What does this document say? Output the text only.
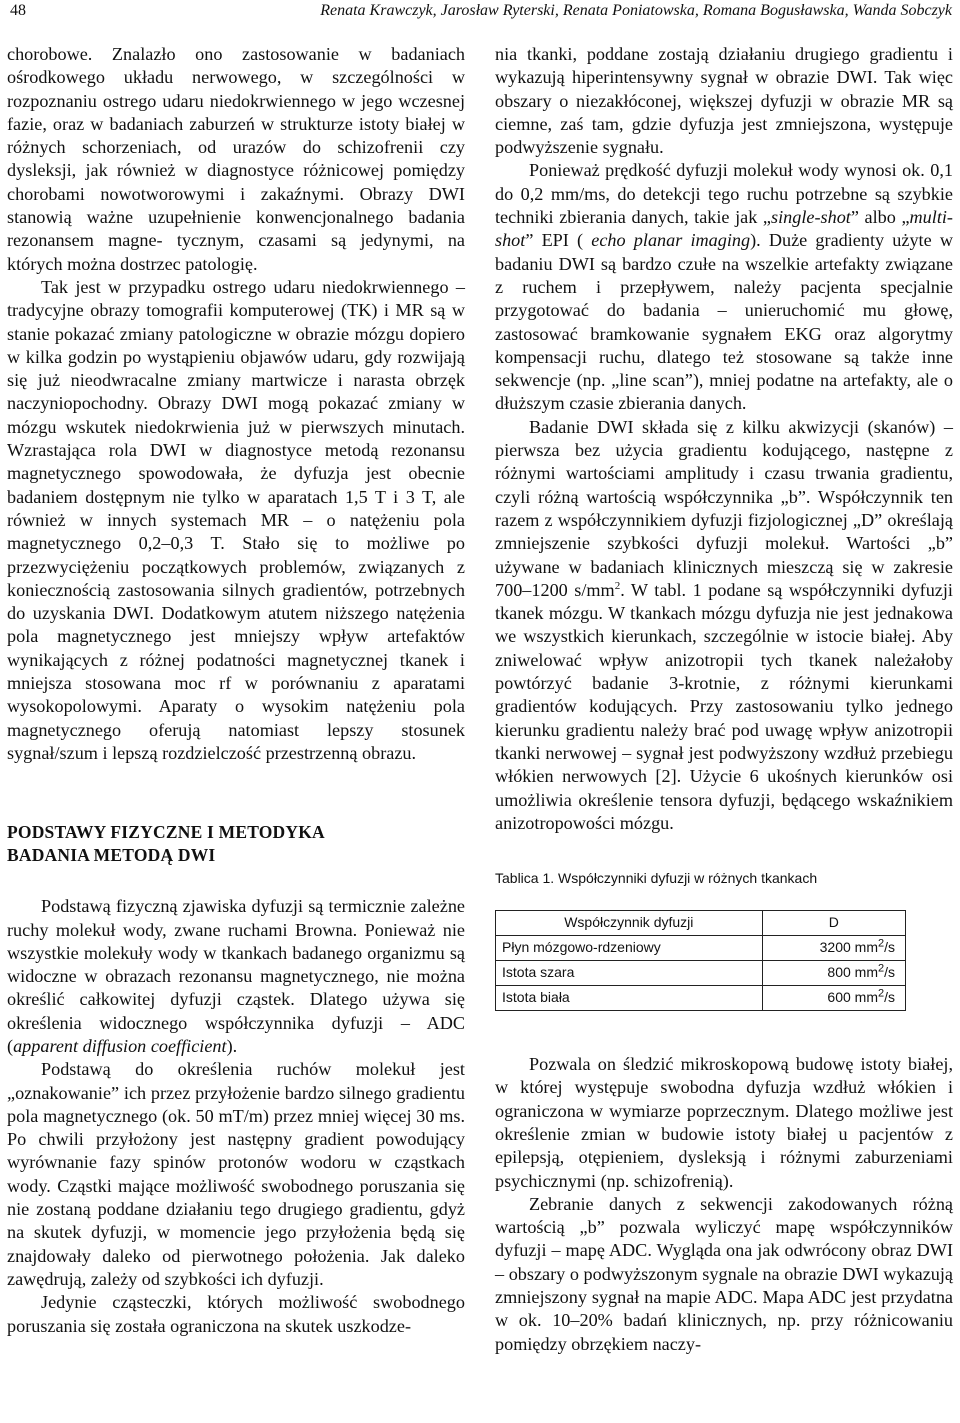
48	Renata Krawczyk, Jarosław Ryterski, Renata Poniatowska, Romana Bogusławska, Wanda Sobczyk

chorobowe. Znalazło ono zastosowanie w badaniach ośrodkowego układu nerwowego, w szczególności w rozpoznaniu ostrego udaru niedokrwiennego w jego wczesnej fazie, oraz w badaniach zaburzeń w strukturze istoty białej w różnych schorzeniach, od urazów do schizofrenii czy dysleksji, jak również w diagnostyce różnicowej pomiędzy chorobami nowotworowymi i zakaźnymi. Obrazy DWI stanowią ważne uzupełnienie konwencjonalnego badania rezonansem magne- tycznym, czasami są jedynymi, na których można dostrzec patologię.

Tak jest w przypadku ostrego udaru niedokrwiennego – tradycyjne obrazy tomografii komputerowej (TK) i MR są w stanie pokazać zmiany patologiczne w obrazie mózgu dopiero w kilka godzin po wystąpieniu objawów udaru, gdy rozwijają się już nieodwracalne zmiany martwicze i narasta obrzęk naczyniopochodny. Obrazy DWI mogą pokazać zmiany w mózgu wskutek niedokrwienia już w pierwszych minutach. Wzrastająca rola DWI w diagnostyce metodą rezonansu magnetycznego spowodowała, że dyfuzja jest obecnie badaniem dostępnym nie tylko w aparatach 1,5 T i 3 T, ale również w innych systemach MR – o natężeniu pola magnetycznego 0,2–0,3 T. Stało się to możliwe po przezwyciężeniu początkowych problemów, związanych z koniecznością zastosowania silnych gradientów, potrzebnych do uzyskania DWI. Dodatkowym atutem niższego natężenia pola magnetycznego jest mniejszy wpływ artefaktów wynikających z różnej podatności magnetycznej tkanek i mniejsza stosowana moc rf w porównaniu z aparatami wysokopolowymi. Aparaty o wysokim natężeniu pola magnetycznego oferują natomiast lepszy stosunek sygnał/szum i lepszą rozdzielczość przestrzenną obrazu.

PODSTAWY FIZYCZNE I METODYKA
BADANIA METODĄ DWI

Podstawą fizyczną zjawiska dyfuzji są termicznie zależne ruchy molekuł wody, zwane ruchami Browna. Ponieważ nie wszystkie molekuły wody w tkankach badanego organizmu są widoczne w obrazach rezonansu magnetycznego, nie można określić całkowitej dyfuzji cząstek. Dlatego używa się określenia widocznego współczynnika dyfuzji – ADC (apparent diffusion coefficient).

Podstawą do określenia ruchów molekuł jest „oznakowanie” ich przez przyłożenie bardzo silnego gradientu pola magnetycznego (ok. 50 mT/m) przez mniej więcej 30 ms. Po chwili przyłożony jest następny gradient powodujący wyrównanie fazy spinów protonów wodoru w cząstkach wody. Cząstki mające możliwość swobodnego poruszania się nie zostaną poddane działaniu tego drugiego gradientu, gdyż na skutek dyfuzji, w momencie jego przyłożenia będą się znajdowały daleko od pierwotnego położenia. Jak daleko zawędrują, zależy od szybkości ich dyfuzji.

Jedynie cząsteczki, których możliwość swobodnego poruszania się została ograniczona na skutek uszkodze-

nia tkanki, poddane zostają działaniu drugiego gradientu i wykazują hiperintensywny sygnał w obrazie DWI. Tak więc obszary o niezakłóconej, większej dyfuzji w obrazie MR są ciemne, zaś tam, gdzie dyfuzja jest zmniejszona, występuje podwyższenie sygnału.

Ponieważ prędkość dyfuzji molekuł wody wynosi ok. 0,1 do 0,2 mm/ms, do detekcji tego ruchu potrzebne są szybkie techniki zbierania danych, takie jak „single-shot” albo „multi-shot” EPI ( echo planar imaging). Duże gradienty użyte w badaniu DWI są bardzo czułe na wszelkie artefakty związane z ruchem i przepływem, należy pacjenta specjalnie przygotować do badania – unieruchomić mu głowę, zastosować bramkowanie sygnałem EKG oraz algorytmy kompensacji ruchu, dlatego też stosowane są także inne sekwencje (np. „line scan”), mniej podatne na artefakty, ale o dłuższym czasie zbierania danych.

Badanie DWI składa się z kilku akwizycji (skanów) – pierwsza bez użycia gradientu kodującego, następne z różnymi wartościami amplitudy i czasu trwania gradientu, czyli różną wartością współczynnika „b”. Współczynnik ten razem z współczynnikiem dyfuzji fizjologicznej „D” określają zmniejszenie szybkości dyfuzji molekuł. Wartości „b” używane w badaniach klinicznych mieszczą się w zakresie 700–1200 $s/mm^2$. W tabl. 1 podane są współczynniki dyfuzji tkanek mózgu. W tkankach mózgu dyfuzja nie jest jednakowa we wszystkich kierunkach, szczególnie w istocie białej. Aby zniwelować wpływ anizotropii tych tkanek należałoby powtórzyć badanie 3-krotnie, z różnymi kierunkami gradientów kodujących. Przy zastosowaniu tylko jednego kierunku gradientu należy brać pod uwagę wpływ anizotropii tkanki nerwowej – sygnał jest podwyższony wzdłuż przebiegu włókien nerwowych [2]. Użycie 6 ukośnych kierunków osi umożliwia określenie tensora dyfuzji, będącego wskaźnikiem anizotropowości mózgu.

Tablica 1. Współczynniki dyfuzji w różnych tkankach
Współczynnik dyfuzji	D
Płyn mózgowo-rdzeniowy	3200 $mm^2/s$
Istota szara	800 $mm^2/s$
Istota biała	600 $mm^2/s$

Pozwala on śledzić mikroskopową budowę istoty białej, w której występuje swobodna dyfuzja wzdłuż włókien i ograniczona w wymiarze poprzecznym. Dlatego możliwe jest określenie zmian w budowie istoty białej u pacjentów z epilepsją, otępieniem, dysleksją i różnymi zaburzeniami psychicznymi (np. schizofrenią).

Zebranie danych z sekwencji zakodowanych różną wartością „b” pozwala wyliczyć mapę współczynników dyfuzji – mapę ADC. Wygląda ona jak odwrócony obraz DWI – obszary o podwyższonym sygnale na obrazie DWI wykazują zmniejszony sygnał na mapie ADC. Mapa ADC jest przydatna w ok. 10–20% badań klinicznych, np. przy różnicowaniu pomiędzy obrzękiem naczy-
